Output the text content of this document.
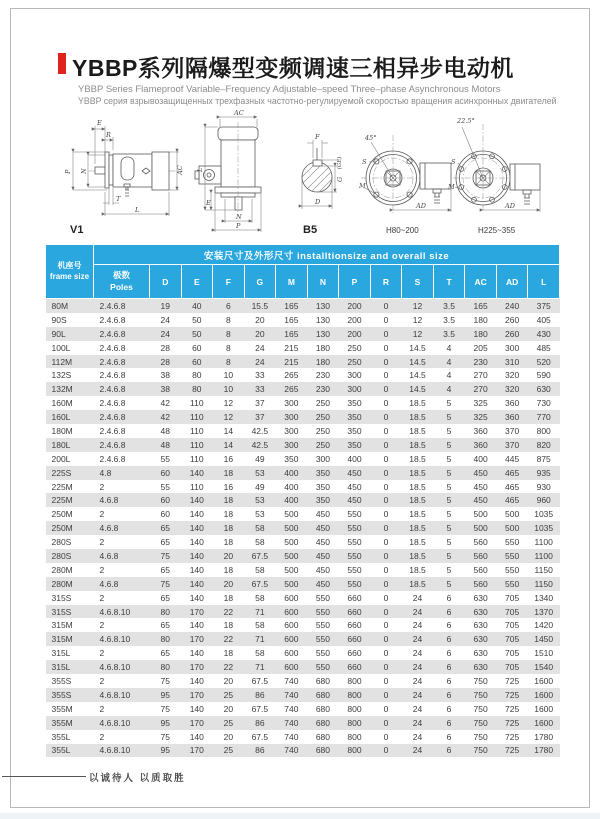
YBBP系列隔爆型变频调速三相异步电动机
YBBP Series Flameproof Variable–Frequency Adjustable–speed Three–phase Asynchronous Motors
YBBP серия взрывозащищенных трехфазных частотно-регулируемой скоростью вращения асинхронных двигателей
E
R
P N	AC
T
L
AC
L
E
N
P
F
(GE)
G
D
45°
S
M
AD
22.5°
S
M
AD
V1	B5	H80~200	H225~355
机座号
frame size	安装尺寸及外形尺寸 installtionsize and overall size													

	极数
Poles	D	E	F	G	M	N	P	R	S	T	AC	AD	L
80M	2.4.6.8	19	40	6	15.5	165	130	200	0	12	3.5	165	240	375
90S	2.4.6.8	24	50	8	20	165	130	200	0	12	3.5	180	260	405
90L	2.4.6.8	24	50	8	20	165	130	200	0	12	3.5	180	260	430
100L	2.4.6.8	28	60	8	24	215	180	250	0	14.5	4	205	300	485
112M	2.4.6.8	28	60	8	24	215	180	250	0	14.5	4	230	310	520
132S	2.4.6.8	38	80	10	33	265	230	300	0	14.5	4	270	320	590
132M	2.4.6.8	38	80	10	33	265	230	300	0	14.5	4	270	320	630
160M	2.4.6.8	42	110	12	37	300	250	350	0	18.5	5	325	360	730
160L	2.4.6.8	42	110	12	37	300	250	350	0	18.5	5	325	360	770
180M	2.4.6.8	48	110	14	42.5	300	250	350	0	18.5	5	360	370	800
180L	2.4.6.8	48	110	14	42.5	300	250	350	0	18.5	5	360	370	820
200L	2.4.6.8	55	110	16	49	350	300	400	0	18.5	5	400	445	875
225S	4.8	60	140	18	53	400	350	450	0	18.5	5	450	465	935
225M	2	55	110	16	49	400	350	450	0	18.5	5	450	465	930
225M	4.6.8	60	140	18	53	400	350	450	0	18.5	5	450	465	960
250M	2	60	140	18	53	500	450	550	0	18.5	5	500	500	1035
250M	4.6.8	65	140	18	58	500	450	550	0	18.5	5	500	500	1035
280S	2	65	140	18	58	500	450	550	0	18.5	5	560	550	1100
280S	4.6.8	75	140	20	67.5	500	450	550	0	18.5	5	560	550	1100
280M	2	65	140	18	58	500	450	550	0	18.5	5	560	550	1150
280M	4.6.8	75	140	20	67.5	500	450	550	0	18.5	5	560	550	1150
315S	2	65	140	18	58	600	550	660	0	24	6	630	705	1340
315S	4.6.8.10	80	170	22	71	600	550	660	0	24	6	630	705	1370
315M	2	65	140	18	58	600	550	660	0	24	6	630	705	1420
315M	4.6.8.10	80	170	22	71	600	550	660	0	24	6	630	705	1450
315L	2	65	140	18	58	600	550	660	0	24	6	630	705	1510
315L	4.6.8.10	80	170	22	71	600	550	660	0	24	6	630	705	1540
355S	2	75	140	20	67.5	740	680	800	0	24	6	750	725	1600
355S	4.6.8.10	95	170	25	86	740	680	800	0	24	6	750	725	1600
355M	2	75	140	20	67.5	740	680	800	0	24	6	750	725	1600
355M	4.6.8.10	95	170	25	86	740	680	800	0	24	6	750	725	1600
355L	2	75	140	20	67.5	740	680	800	0	24	6	750	725	1780
355L	4.6.8.10	95	170	25	86	740	680	800	0	24	6	750	725	1780
以诚待人 以质取胜
